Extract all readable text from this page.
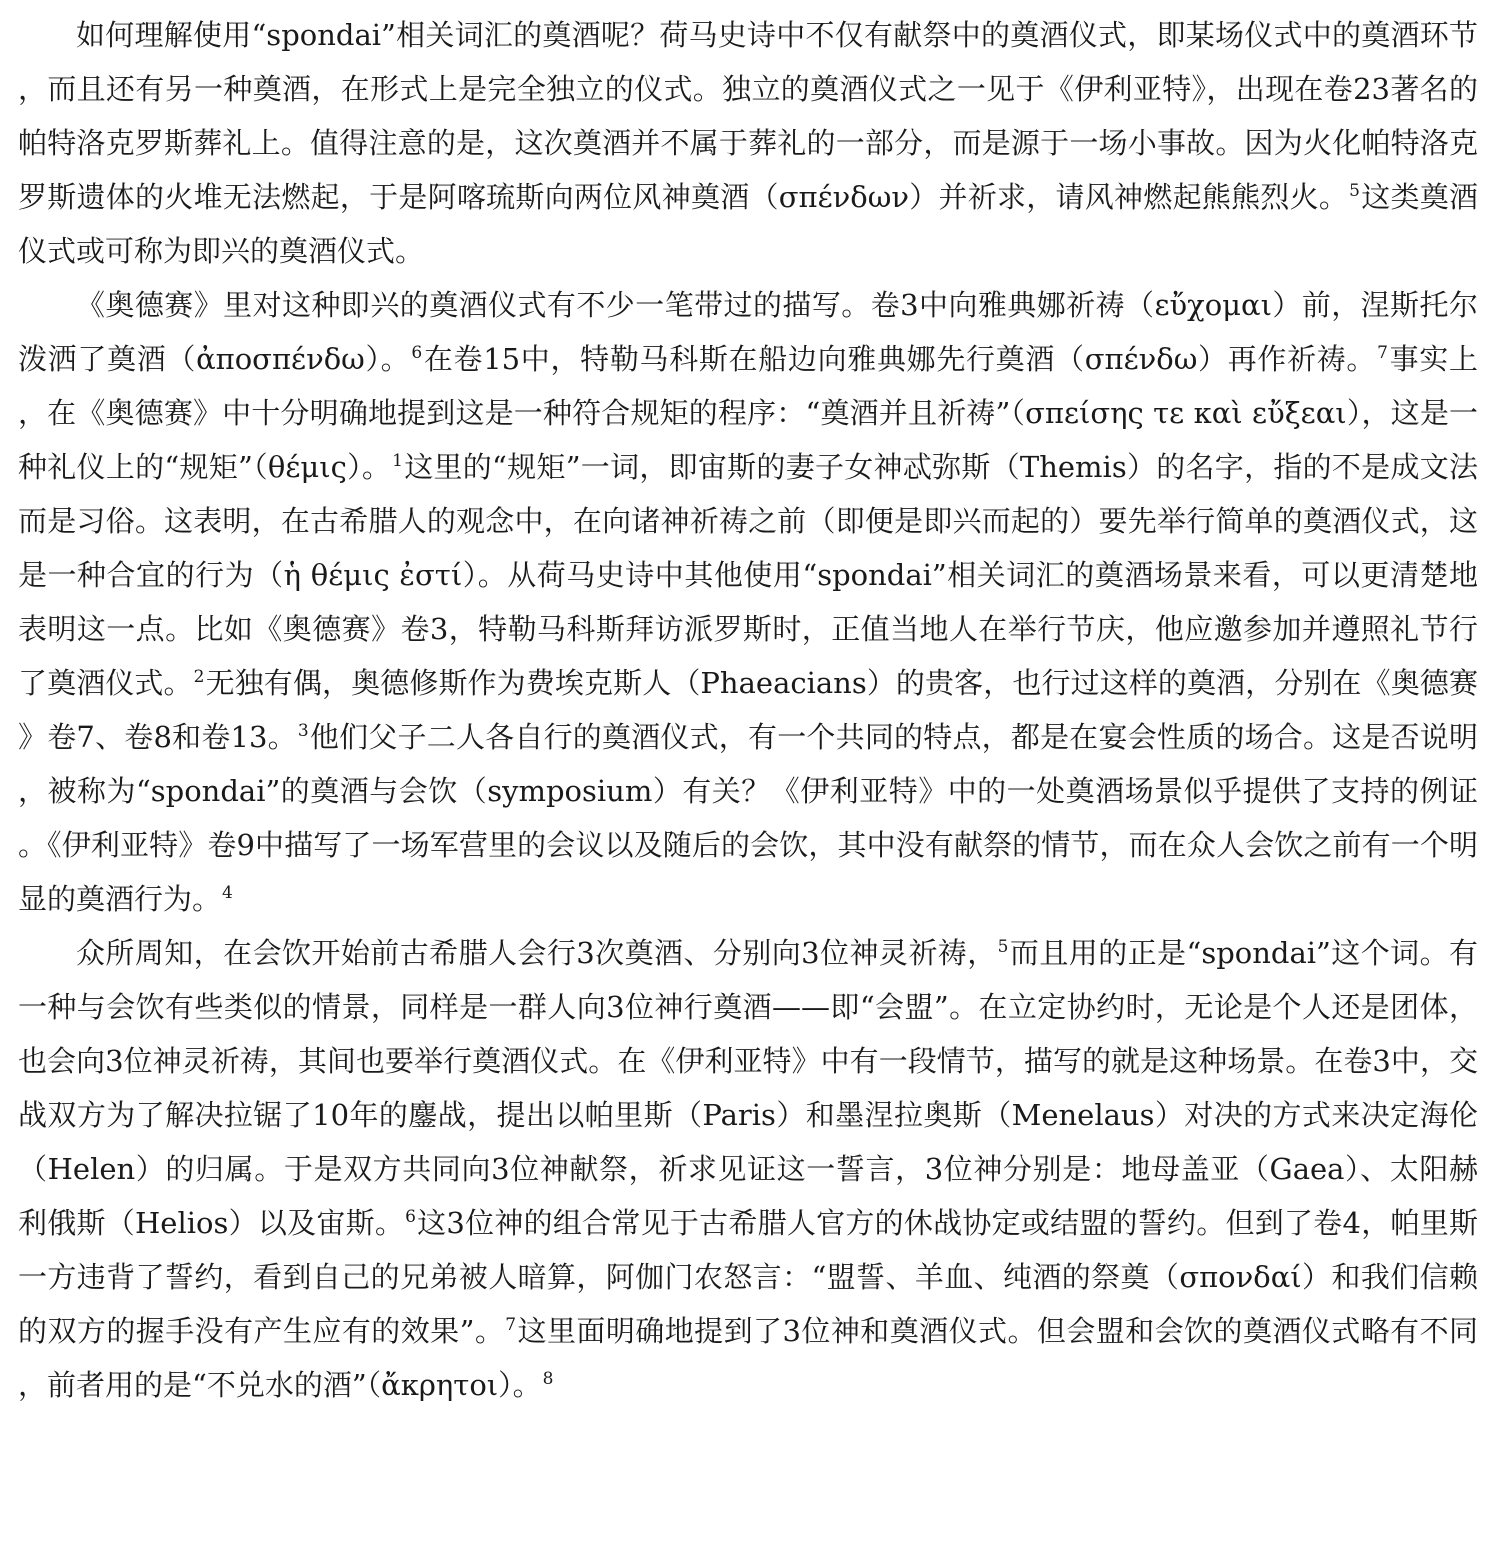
如何理解使用“spondai”相关词汇的奠酒呢？荷马史诗中不仅有献祭中的奠酒仪式，即某场仪式中的奠酒环节，而且还有另一种奠酒，在形式上是完全独立的仪式。独立的奠酒仪式之一见于《伊利亚特》，出现在卷23著名的帕特洛克罗斯葬礼上。值得注意的是，这次奠酒并不属于葬礼的一部分，而是源于一场小事故。因为火化帕特洛克罗斯遗体的火堆无法燃起，于是阿喀琉斯向两位风神奠酒（σπένδων）并祈求，请风神燃起熊熊烈火。$^5$这类奠酒仪式或可称为即兴的奠酒仪式。

《奥德赛》里对这种即兴的奠酒仪式有不少一笔带过的描写。卷3中向雅典娜祈祷（εὔχομαι）前，涅斯托尔泼洒了奠酒（ἀποσπένδω）。$^6$在卷15中，特勒马科斯在船边向雅典娜先行奠酒（σπένδω）再作祈祷。$^7$事实上，在《奥德赛》中十分明确地提到这是一种符合规矩的程序：“奠酒并且祈祷”（σπείσης τε καὶ εὔξεαι），这是一种礼仪上的“规矩”（θέμις）。$^1$这里的“规矩”一词，即宙斯的妻子女神忒弥斯（Themis）的名字，指的不是成文法而是习俗。这表明，在古希腊人的观念中，在向诸神祈祷之前（即便是即兴而起的）要先举行简单的奠酒仪式，这是一种合宜的行为（ἡ θέμις ἐστί）。从荷马史诗中其他使用“spondai”相关词汇的奠酒场景来看，可以更清楚地表明这一点。比如《奥德赛》卷3，特勒马科斯拜访派罗斯时，正值当地人在举行节庆，他应邀参加并遵照礼节行了奠酒仪式。$^2$无独有偶，奥德修斯作为费埃克斯人（Phaeacians）的贵客，也行过这样的奠酒，分别在《奥德赛》卷7、卷8和卷13。$^3$他们父子二人各自行的奠酒仪式，有一个共同的特点，都是在宴会性质的场合。这是否说明，被称为“spondai”的奠酒与会饮（symposium）有关？《伊利亚特》中的一处奠酒场景似乎提供了支持的例证。《伊利亚特》卷9中描写了一场军营里的会议以及随后的会饮，其中没有献祭的情节，而在众人会饮之前有一个明显的奠酒行为。$^4$

众所周知，在会饮开始前古希腊人会行3次奠酒、分别向3位神灵祈祷，$^5$而且用的正是“spondai”这个词。有一种与会饮有些类似的情景，同样是一群人向3位神行奠酒——即“会盟”。在立定协约时，无论是个人还是团体，也会向3位神灵祈祷，其间也要举行奠酒仪式。在《伊利亚特》中有一段情节，描写的就是这种场景。在卷3中，交战双方为了解决拉锯了10年的鏖战，提出以帕里斯（Paris）和墨涅拉奥斯（Menelaus）对决的方式来决定海伦（Helen）的归属。于是双方共同向3位神献祭，祈求见证这一誓言，3位神分别是：地母盖亚（Gaea）、太阳赫利俄斯（Helios）以及宙斯。$^6$这3位神的组合常见于古希腊人官方的休战协定或结盟的誓约。但到了卷4，帕里斯一方违背了誓约，看到自己的兄弟被人暗算，阿伽门农怒言：“盟誓、羊血、纯酒的祭奠（σπονδαί）和我们信赖的双方的握手没有产生应有的效果”。$^7$这里面明确地提到了3位神和奠酒仪式。但会盟和会饮的奠酒仪式略有不同，前者用的是“不兑水的酒”（ἄκρητοι）。$^8$
